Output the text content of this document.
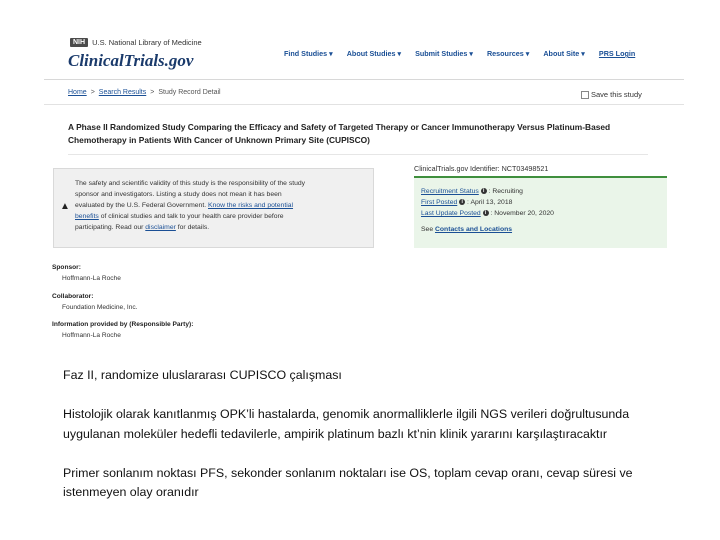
NIH U.S. National Library of Medicine
ClinicalTrials.gov	Find Studies ▾ About Studies ▾ Submit Studies ▾ Resources ▾ About Site ▾ PRS Login
Home > Search Results > Study Record Detail	Save this study
A Phase II Randomized Study Comparing the Efficacy and Safety of Targeted Therapy or Cancer Immunotherapy Versus Platinum-Based Chemotherapy in Patients With Cancer of Unknown Primary Site (CUPISCO)
▲
The safety and scientific validity of this study is the responsibility of the study
sponsor and investigators. Listing a study does not mean it has been
evaluated by the U.S. Federal Government. Know the risks and potential
benefits of clinical studies and talk to your health care provider before
participating. Read our disclaimer for details.
ClinicalTrials.gov Identifier: NCT03498521
Recruitment Status i : Recruiting
First Posted i : April 13, 2018
Last Update Posted i : November 20, 2020
See Contacts and Locations
Sponsor:
Hoffmann-La Roche
Collaborator:
Foundation Medicine, Inc.
Information provided by (Responsible Party):
Hoffmann-La Roche

Faz II, randomize uluslararası CUPISCO çalışması

Histolojik olarak kanıtlanmış OPK’li hastalarda, genomik anormalliklerle ilgili NGS verileri doğrultusunda uygulanan moleküler hedefli tedavilerle, ampirik platinum bazlı kt’nin klinik yararını karşılaştıracaktır

Primer sonlanım noktası PFS, sekonder sonlanım noktaları ise OS, toplam cevap oranı, cevap süresi ve istenmeyen olay oranıdır
